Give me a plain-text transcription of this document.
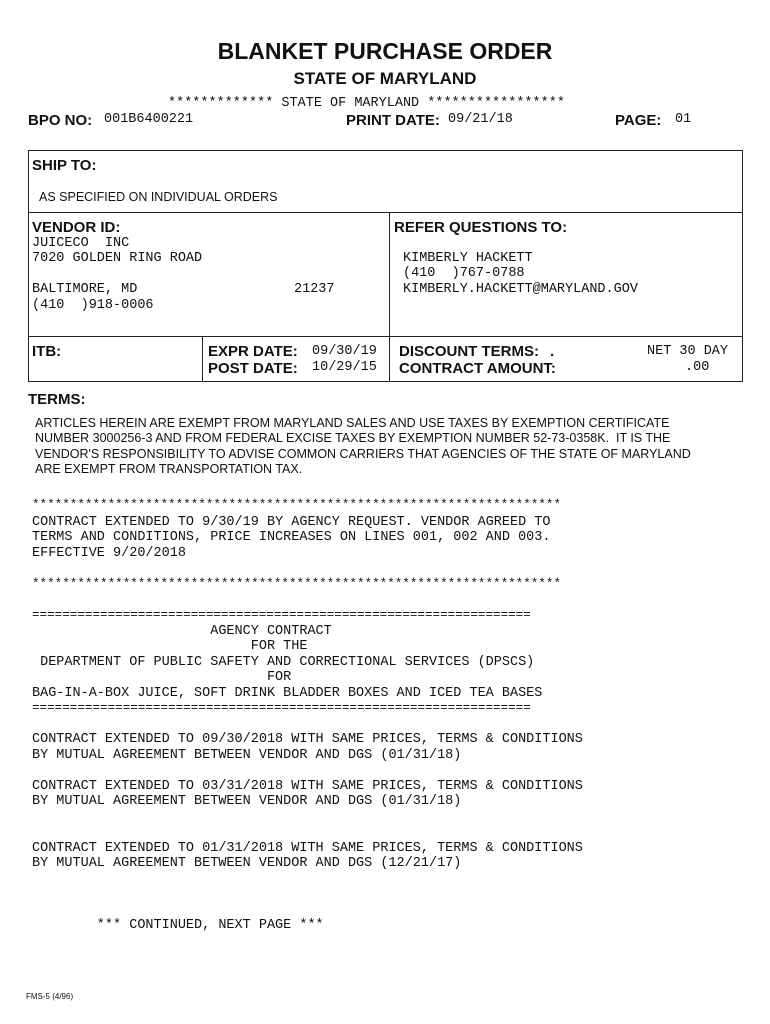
BLANKET PURCHASE ORDER
STATE OF MARYLAND
************* STATE OF MARYLAND *****************
BPO NO: 001B6400221	PRINT DATE: 09/21/18	PAGE: 01
SHIP TO:
AS SPECIFIED ON INDIVIDUAL ORDERS
VENDOR ID:
JUICECO  INC
7020 GOLDEN RING ROAD
BALTIMORE, MD	21237
(410  )918-0006
REFER QUESTIONS TO:
KIMBERLY HACKETT
(410  )767-0788
KIMBERLY.HACKETT@MARYLAND.GOV
ITB:	EXPR DATE: 09/30/19
POST DATE: 10/29/15
DISCOUNT TERMS: .	NET 30 DAY
CONTRACT AMOUNT:	.00
TERMS:
ARTICLES HEREIN ARE EXEMPT FROM MARYLAND SALES AND USE TAXES BY EXEMPTION CERTIFICATE
NUMBER 3000256-3 AND FROM FEDERAL EXCISE TAXES BY EXEMPTION NUMBER 52-73-0358K.  IT IS THE
VENDOR'S RESPONSIBILITY TO ADVISE COMMON CARRIERS THAT AGENCIES OF THE STATE OF MARYLAND
ARE EXEMPT FROM TRANSPORTATION TAX.
**********************************************************************
CONTRACT EXTENDED TO 9/30/19 BY AGENCY REQUEST. VENDOR AGREED TO
TERMS AND CONDITIONS, PRICE INCREASES ON LINES 001, 002 AND 003.
EFFECTIVE 9/20/2018
**********************************************************************
==================================================================
AGENCY CONTRACT
FOR THE
DEPARTMENT OF PUBLIC SAFETY AND CORRECTIONAL SERVICES (DPSCS)
FOR
BAG-IN-A-BOX JUICE, SOFT DRINK BLADDER BOXES AND ICED TEA BASES
==================================================================
CONTRACT EXTENDED TO 09/30/2018 WITH SAME PRICES, TERMS & CONDITIONS
BY MUTUAL AGREEMENT BETWEEN VENDOR AND DGS (01/31/18)
CONTRACT EXTENDED TO 03/31/2018 WITH SAME PRICES, TERMS & CONDITIONS
BY MUTUAL AGREEMENT BETWEEN VENDOR AND DGS (01/31/18)
CONTRACT EXTENDED TO 01/31/2018 WITH SAME PRICES, TERMS & CONDITIONS
BY MUTUAL AGREEMENT BETWEEN VENDOR AND DGS (12/21/17)
*** CONTINUED, NEXT PAGE ***
FMS-5 (4/96)
